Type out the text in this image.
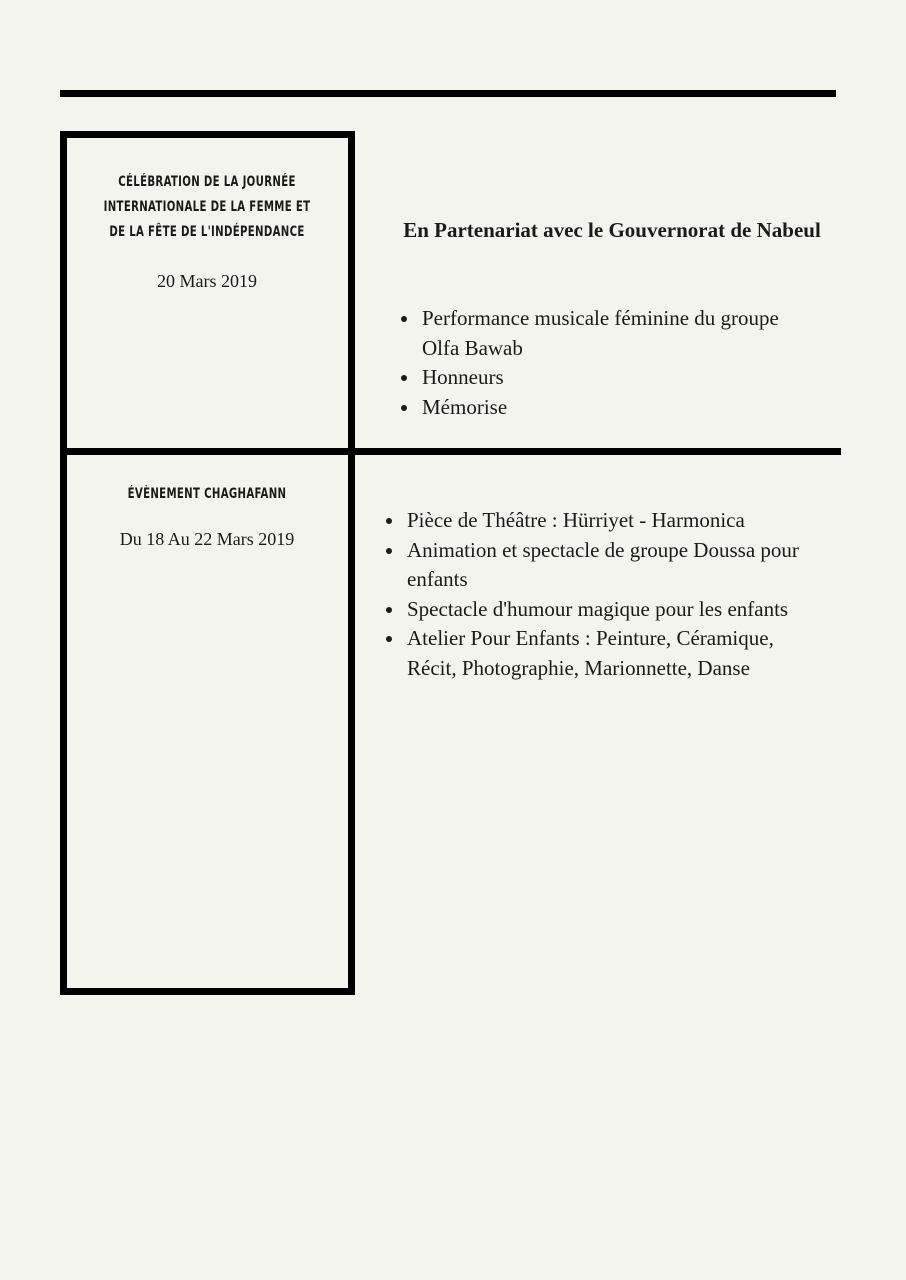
CÉLÉBRATION DE LA JOURNÉE INTERNATIONALE DE LA FEMME ET DE LA FÊTE DE L'INDÉPENDANCE
20 Mars 2019
En Partenariat avec le Gouvernorat de Nabeul
Performance musicale féminine du groupe Olfa Bawab
Honneurs
Mémorise
ÉVÈNEMENT CHAGHAFANN
Du 18 Au 22 Mars 2019
Pièce de Théâtre : Hürriyet - Harmonica
Animation et spectacle de groupe Doussa pour enfants
Spectacle d'humour magique pour les enfants
Atelier Pour Enfants : Peinture, Céramique, Récit, Photographie, Marionnette, Danse
